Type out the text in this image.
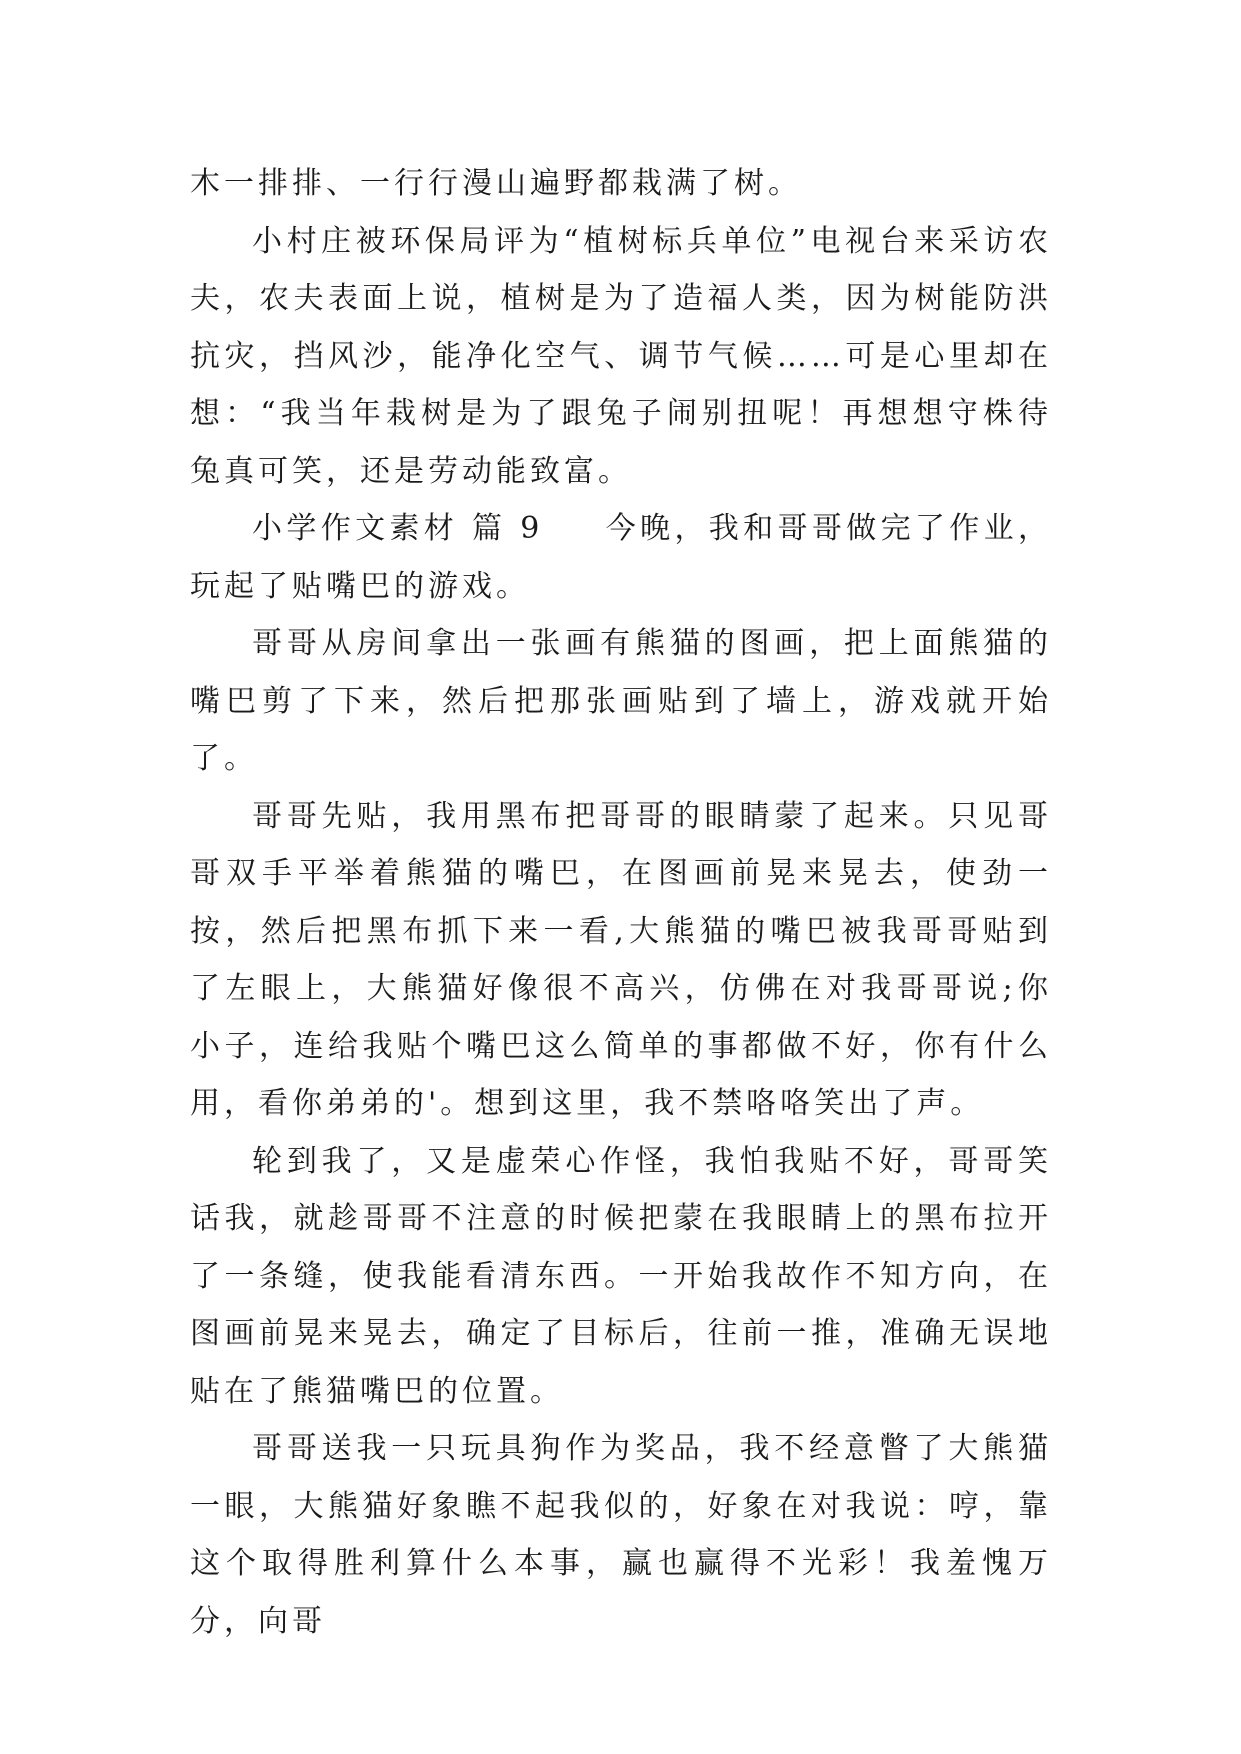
木一排排、一行行漫山遍野都栽满了树。

小村庄被环保局评为“植树标兵单位”电视台来采访农夫，农夫表面上说，植树是为了造福人类，因为树能防洪抗灾，挡风沙，能净化空气、调节气候……可是心里却在想：“我当年栽树是为了跟兔子闹别扭呢！再想想守株待兔真可笑，还是劳动能致富。

小学作文素材 篇 9 今晚，我和哥哥做完了作业，玩起了贴嘴巴的游戏。

哥哥从房间拿出一张画有熊猫的图画，把上面熊猫的嘴巴剪了下来，然后把那张画贴到了墙上，游戏就开始了。

哥哥先贴，我用黑布把哥哥的眼睛蒙了起来。只见哥哥双手平举着熊猫的嘴巴，在图画前晃来晃去，使劲一按，然后把黑布抓下来一看,大熊猫的嘴巴被我哥哥贴到了左眼上，大熊猫好像很不高兴，仿佛在对我哥哥说;你小子，连给我贴个嘴巴这么简单的事都做不好，你有什么用，看你弟弟的'。想到这里，我不禁咯咯笑出了声。

轮到我了，又是虚荣心作怪，我怕我贴不好，哥哥笑话我，就趁哥哥不注意的时候把蒙在我眼睛上的黑布拉开了一条缝，使我能看清东西。一开始我故作不知方向，在图画前晃来晃去，确定了目标后，往前一推，准确无误地贴在了熊猫嘴巴的位置。

哥哥送我一只玩具狗作为奖品，我不经意瞥了大熊猫一眼，大熊猫好象瞧不起我似的，好象在对我说：哼，靠这个取得胜利算什么本事，赢也赢得不光彩！我羞愧万分，向哥
